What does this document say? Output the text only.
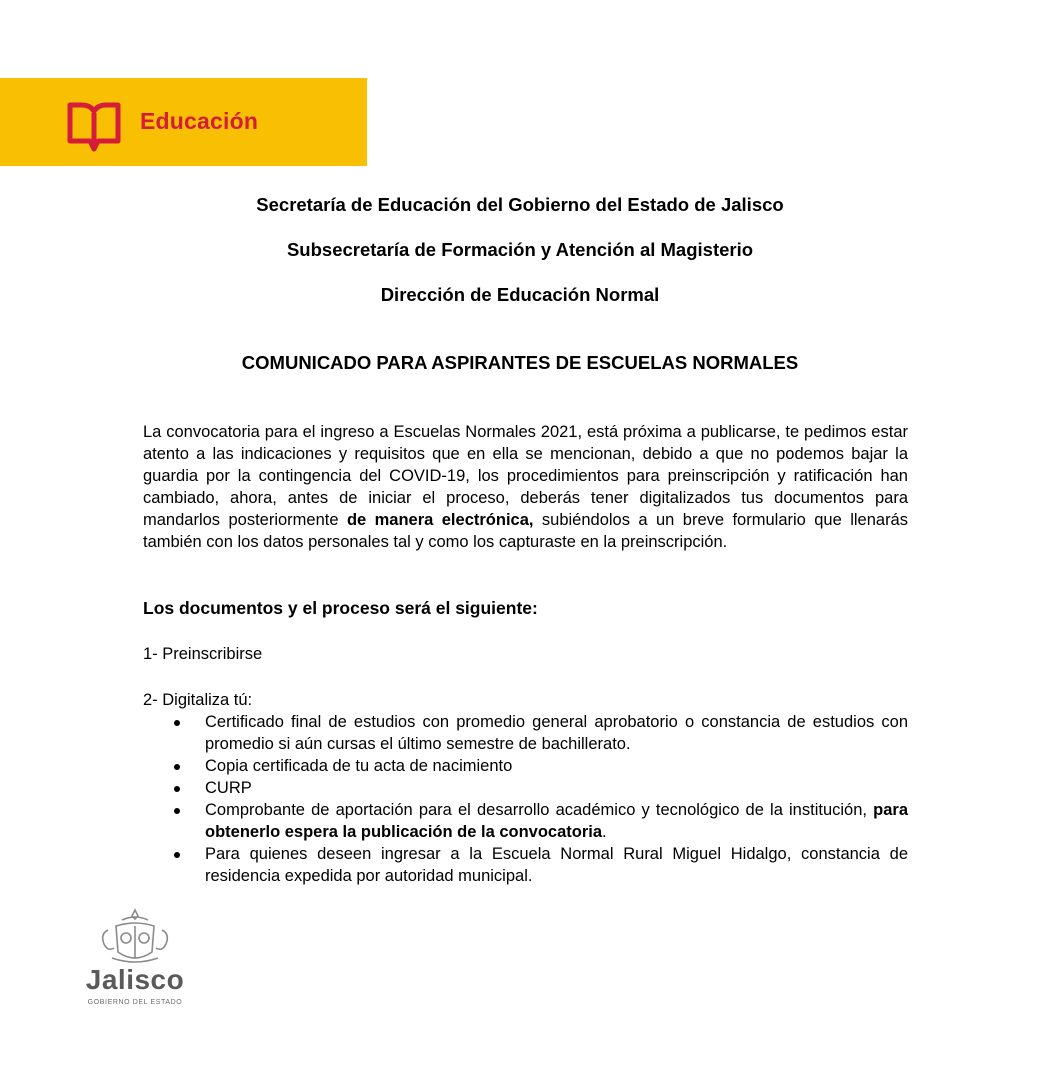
Educación
Secretaría de Educación del Gobierno del Estado de Jalisco
Subsecretaría de Formación y Atención al Magisterio
Dirección de Educación Normal
COMUNICADO PARA ASPIRANTES DE ESCUELAS NORMALES
La convocatoria para el ingreso a Escuelas Normales 2021, está próxima a publicarse, te pedimos estar atento a las indicaciones y requisitos que en ella se mencionan, debido a que no podemos bajar la guardia por la contingencia del COVID-19, los procedimientos para preinscripción y ratificación han cambiado, ahora, antes de iniciar el proceso, deberás tener digitalizados tus documentos para mandarlos posteriormente de manera electrónica, subiéndolos a un breve formulario que llenarás también con los datos personales tal y como los capturaste en la preinscripción.
Los documentos y el proceso será el siguiente:
1- Preinscribirse
2- Digitaliza tú:
Certificado final de estudios con promedio general aprobatorio o constancia de estudios con promedio si aún cursas el último semestre de bachillerato.
Copia certificada de tu acta de nacimiento
CURP
Comprobante de aportación para el desarrollo académico y tecnológico de la institución, para obtenerlo espera la publicación de la convocatoria.
Para quienes deseen ingresar a la Escuela Normal Rural Miguel Hidalgo, constancia de residencia expedida por autoridad municipal.
Jalisco
GOBIERNO DEL ESTADO
